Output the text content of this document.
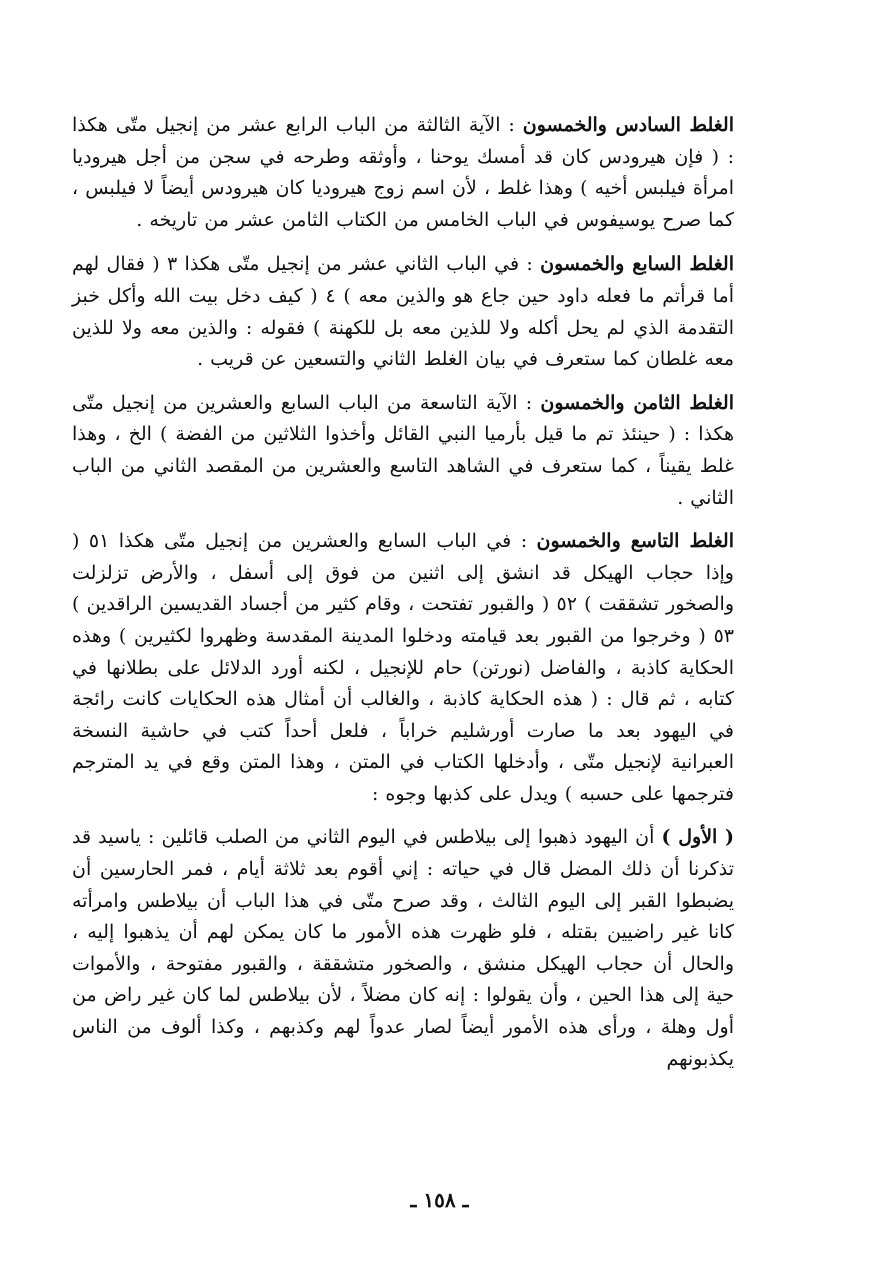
الغلط السادس والخمسون : الآية الثالثة من الباب الرابع عشر من إنجيل متّى هكذا : ( فإن هيرودس كان قد أمسك يوحنا ، وأوثقه وطرحه في سجن من أجل هيروديا امرأة فيلبس أخيه ) وهذا غلط ، لأن اسم زوج هيروديا كان هيرودس أيضاً لا فيلبس ، كما صرح يوسيفوس في الباب الخامس من الكتاب الثامن عشر من تاريخه .

الغلط السابع والخمسون : في الباب الثاني عشر من إنجيل متّى هكذا ٣ ( فقال لهم أما قرأتم ما فعله داود حين جاع هو والذين معه ) ٤ ( كيف دخل بيت الله وأكل خبز التقدمة الذي لم يحل أكله ولا للذين معه بل للكهنة ) فقوله : والذين معه ولا للذين معه غلطان كما ستعرف في بيان الغلط الثاني والتسعين عن قريب .

الغلط الثامن والخمسون : الآية التاسعة من الباب السابع والعشرين من إنجيل متّى هكذا : ( حينئذ تم ما قيل بأرميا النبي القائل وأخذوا الثلاثين من الفضة ) الخ ، وهذا غلط يقيناً ، كما ستعرف في الشاهد التاسع والعشرين من المقصد الثاني من الباب الثاني .

الغلط التاسع والخمسون : في الباب السابع والعشرين من إنجيل متّى هكذا ٥١ ( وإذا حجاب الهيكل قد انشق إلى اثنين من فوق إلى أسفل ، والأرض تزلزلت والصخور تشققت ) ٥٢ ( والقبور تفتحت ، وقام كثير من أجساد القديسين الراقدين ) ٥٣ ( وخرجوا من القبور بعد قيامته ودخلوا المدينة المقدسة وظهروا لكثيرين ) وهذه الحكاية كاذبة ، والفاضل (نورتن) حام للإنجيل ، لكنه أورد الدلائل على بطلانها في كتابه ، ثم قال : ( هذه الحكاية كاذبة ، والغالب أن أمثال هذه الحكايات كانت رائجة في اليهود بعد ما صارت أورشليم خراباً ، فلعل أحداً كتب في حاشية النسخة العبرانية لإنجيل متّى ، وأدخلها الكتاب في المتن ، وهذا المتن وقع في يد المترجم فترجمها على حسبه ) ويدل على كذبها وجوه :

( الأول ) أن اليهود ذهبوا إلى بيلاطس في اليوم الثاني من الصلب قائلين : ياسيد قد تذكرنا أن ذلك المضل قال في حياته : إني أقوم بعد ثلاثة أيام ، فمر الحارسين أن يضبطوا القبر إلى اليوم الثالث ، وقد صرح متّى في هذا الباب أن بيلاطس وامرأته كانا غير راضيين بقتله ، فلو ظهرت هذه الأمور ما كان يمكن لهم أن يذهبوا إليه ، والحال أن حجاب الهيكل منشق ، والصخور متشققة ، والقبور مفتوحة ، والأموات حية إلى هذا الحين ، وأن يقولوا : إنه كان مضلاً ، لأن بيلاطس لما كان غير راض من أول وهلة ، ورأى هذه الأمور أيضاً لصار عدواً لهم وكذبهم ، وكذا ألوف من الناس يكذبونهم

ـ ١٥٨ ـ
